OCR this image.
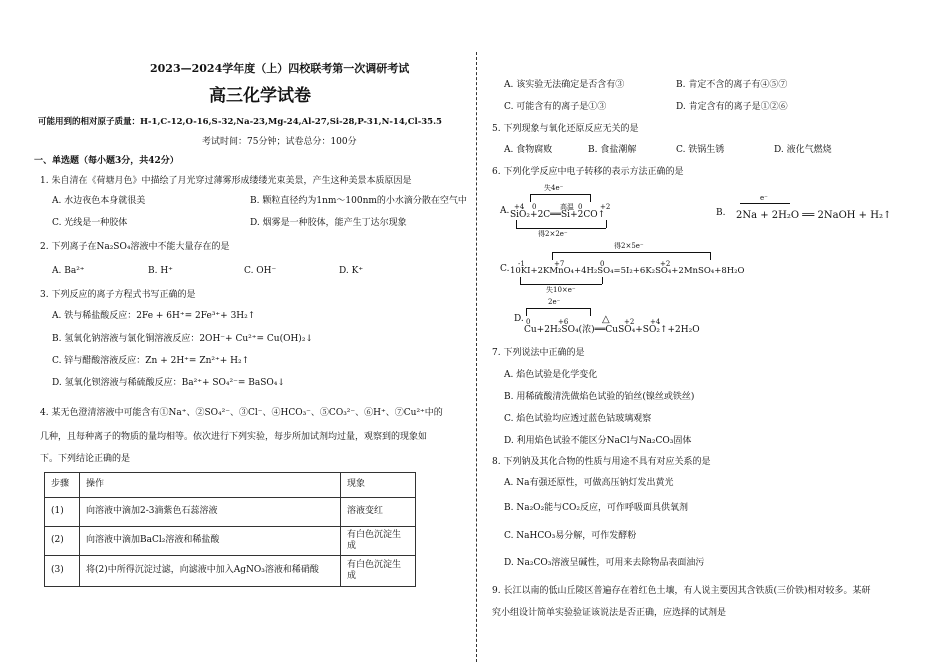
2023—2024学年度（上）四校联考第一次调研考试
高三化学试卷
可能用到的相对原子质量：H-1,C-12,O-16,S-32,Na-23,Mg-24,Al-27,Si-28,P-31,N-14,Cl-35.5
考试时间：75分钟；试卷总分：100分
一、单选题（每小题3分，共42分）
1. 朱自清在《荷塘月色》中描绘了月光穿过薄雾形成缕缕光束美景，产生这种美景本质原因是
A. 水边夜色本身就很美	B. 颗粒直径约为1nm～100nm的小水滴分散在空气中
C. 光线是一种胶体	D. 烟雾是一种胶体，能产生丁达尔现象
2. 下列离子在Na₂SO₄溶液中不能大量存在的是
A. Ba²⁺	B. H⁺	C. OH⁻	D. K⁺
3. 下列反应的离子方程式书写正确的是
A. 铁与稀盐酸反应：2Fe + 6H⁺= 2Fe³⁺+ 3H₂↑
B. 氢氧化钠溶液与氯化铜溶液反应：2OH⁻+ Cu²⁺= Cu(OH)₂↓
C. 锌与醋酸溶液反应：Zn + 2H⁺= Zn²⁺+ H₂↑
D. 氢氧化钡溶液与稀硫酸反应：Ba²⁺+ SO₄²⁻= BaSO₄↓
4. 某无色澄清溶液中可能含有①Na⁺、②SO₄²⁻、③Cl⁻、④HCO₃⁻、⑤CO₃²⁻、⑥H⁺、⑦Cu²⁺中的
几种，且每种离子的物质的量均相等。依次进行下列实验，每步所加试剂均过量，观察到的现象如
下。下列结论正确的是
步骤	操作	现象
(1)	向溶液中滴加2-3滴紫色石蕊溶液	溶液变红
(2)	向溶液中滴加BaCl₂溶液和稀盐酸	有白色沉淀生成
(3)	将(2)中所得沉淀过滤，向滤液中加入AgNO₃溶液和稀硝酸	有白色沉淀生成
A. 该实验无法确定是否含有③	B. 肯定不含的离子有④⑤⑦
C. 可能含有的离子是①③	D. 肯定含有的离子是①②⑥
5. 下列现象与氧化还原反应无关的是
A. 食物腐败	B. 食盐潮解	C. 铁锅生锈	D. 液化气燃烧
6. 下列化学反应中电子转移的表示方法正确的是
A.
失4e⁻
+4 0	高温 0	+2
SiO₂+2C══Si+2CO↑
得2×2e⁻
B.
e⁻
2Na + 2H₂O ══ 2NaOH + H₂↑
C.
得2×5e⁻
-1	+7	0	+2
10KI+2KMnO₄+4H₂SO₄=5I₂+6K₂SO₄+2MnSO₄+8H₂O
失10×e⁻
D.
2e⁻
0	+6	△ +2 +4
Cu+2H₂SO₄(浓)══CuSO₄+SO₂↑+2H₂O
7. 下列说法中正确的是
A. 焰色试验是化学变化
B. 用稀硫酸清洗做焰色试验的铂丝(镍丝或铁丝)
C. 焰色试验均应透过蓝色钴玻璃观察
D. 利用焰色试验不能区分NaCl与Na₂CO₃固体
8. 下列钠及其化合物的性质与用途不具有对应关系的是
A. Na有强还原性，可做高压钠灯发出黄光
B. Na₂O₂能与CO₂反应，可作呼吸面具供氧剂
C. NaHCO₃易分解，可作发酵粉
D. Na₂CO₃溶液呈碱性，可用来去除物品表面油污
9. 长江以南的低山丘陵区普遍存在着红色土壤，有人说主要因其含铁质(三价铁)相对较多。某研
究小组设计简单实验验证该说法是否正确，应选择的试剂是
